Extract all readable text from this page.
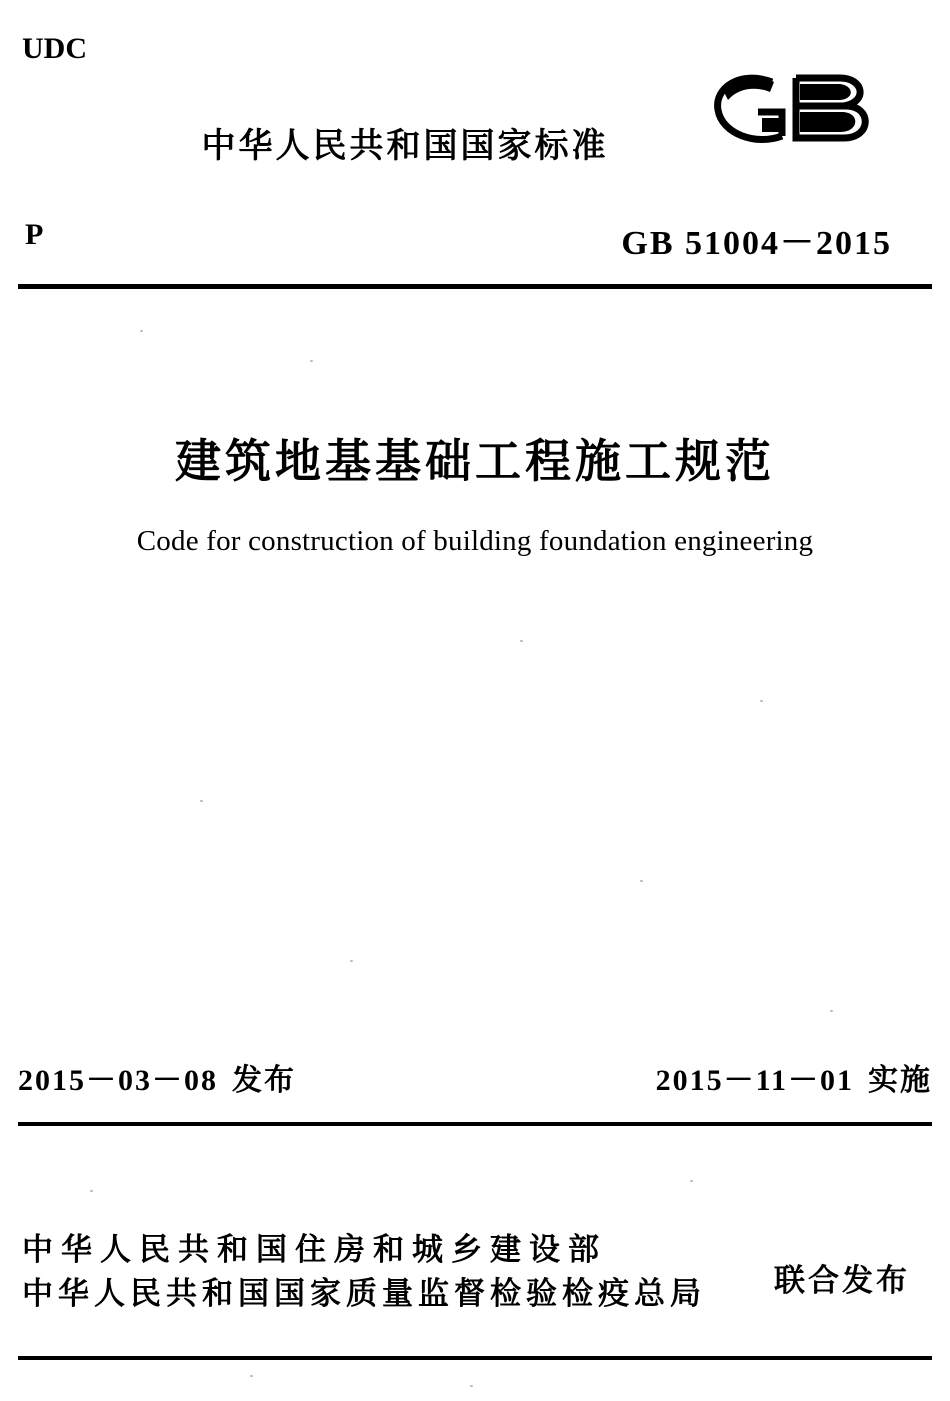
UDC
中华人民共和国国家标准
P	GB 51004－2015
建筑地基基础工程施工规范
Code for construction of building foundation engineering
2015－03－08 发布	2015－11－01 实施
中华人民共和国住房和城乡建设部
中华人民共和国国家质量监督检验检疫总局	联合发布
